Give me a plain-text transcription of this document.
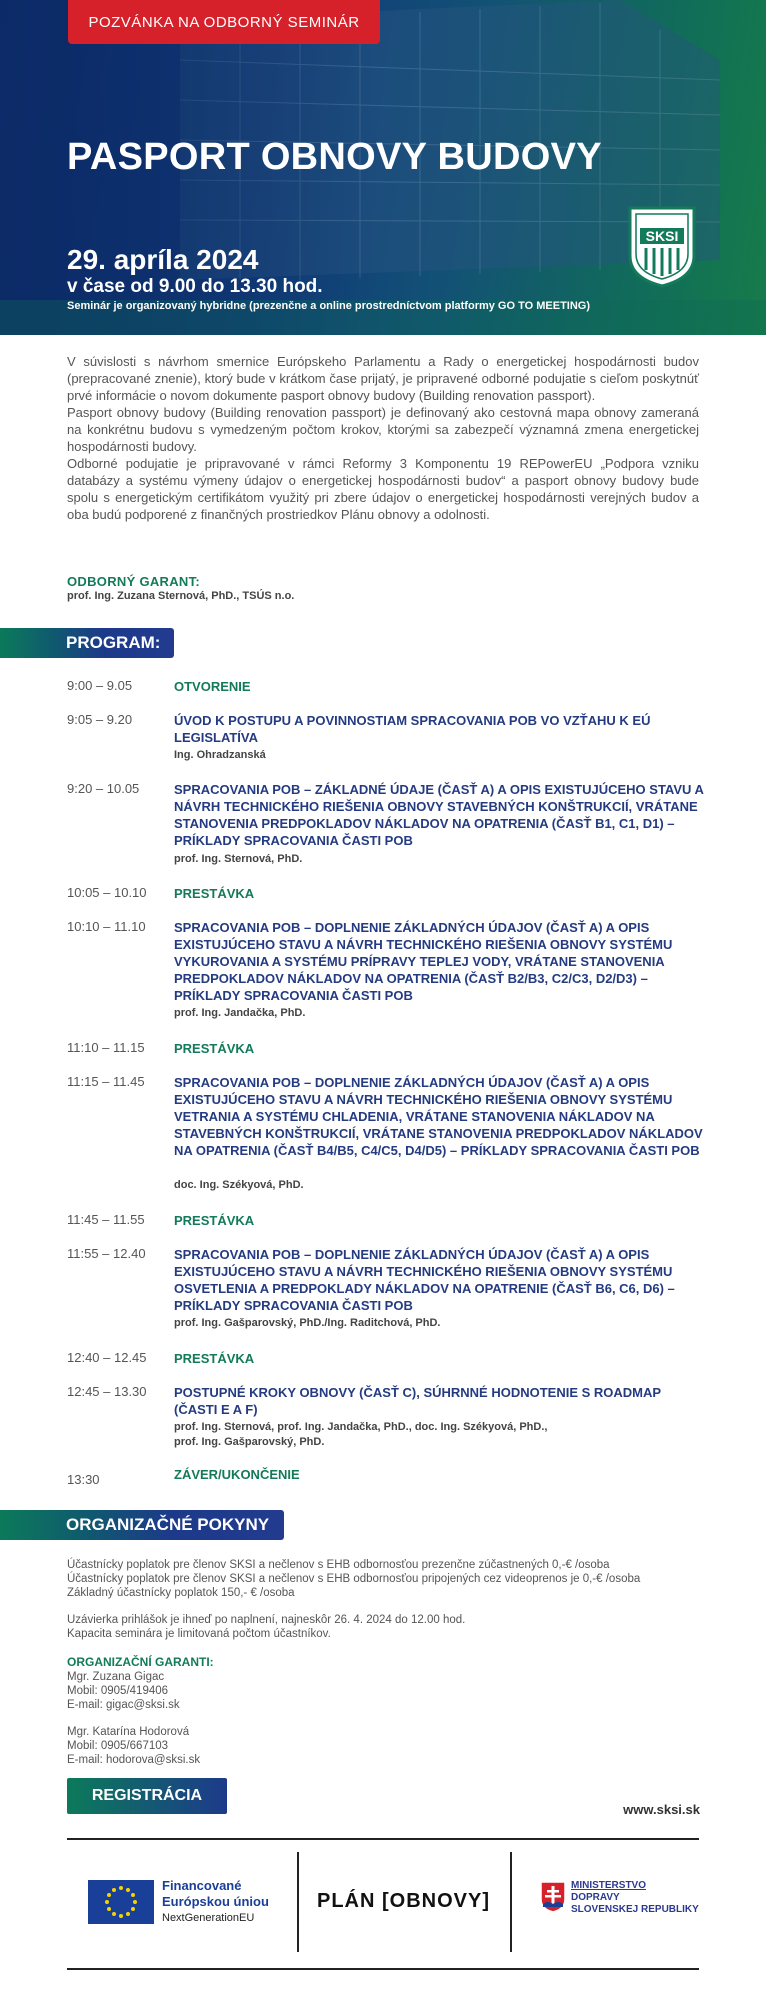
POZVÁNKA NA ODBORNÝ SEMINÁR
PASPORT OBNOVY BUDOVY
29. apríla 2024
v čase od 9.00 do 13.30 hod.
Seminár je organizovaný hybridne (prezenčne a online prostredníctvom platformy GO TO MEETING)
SKSI

V súvislosti s návrhom smernice Európskeho Parlamentu a Rady o energetickej hospodárnosti budov (prepracované znenie), ktorý bude v krátkom čase prijatý, je pripravené odborné podujatie s cieľom poskytnúť prvé informácie o novom dokumente pasport obnovy budovy (Building renovation passport).

Pasport obnovy budovy (Building renovation passport) je definovaný ako cestovná mapa obnovy zameraná na konkrétnu budovu s vymedzeným počtom krokov, ktorými sa zabezpečí významná zmena energetickej hospodárnosti budovy.

Odborné podujatie je pripravované v rámci Reformy 3 Komponentu 19 REPowerEU „Podpora vzniku databázy a systému výmeny údajov o energetickej hospodárnosti budov“ a pasport obnovy budovy bude spolu s energetickým certifikátom využitý pri zbere údajov o energetickej hospodárnosti verejných budov a oba budú podporené z finančných prostriedkov Plánu obnovy a odolnosti.

ODBORNÝ GARANT:
prof. Ing. Zuzana Sternová, PhD., TSÚS n.o.
PROGRAM:
9:00 – 9.05	OTVORENIE
9:05 – 9.20	ÚVOD K POSTUPU A POVINNOSTIAM SPRACOVANIA POB VO VZŤAHU K EÚ LEGISLATÍVA
Ing. Ohradzanská
9:20 – 10.05	SPRACOVANIA POB – ZÁKLADNÉ ÚDAJE (ČASŤ A) A OPIS EXISTUJÚCEHO STAVU A NÁVRH TECHNICKÉHO RIEŠENIA OBNOVY STAVEBNÝCH KONŠTRUKCIÍ, VRÁTANE STANOVENIA PREDPOKLADOV NÁKLADOV NA OPATRENIA (ČASŤ B1, C1, D1) – PRÍKLADY SPRACOVANIA ČASTI POB
prof. Ing. Sternová, PhD.
10:05 – 10.10 PRESTÁVKA
10:10 – 11.10 SPRACOVANIA POB – DOPLNENIE ZÁKLADNÝCH ÚDAJOV (ČASŤ A) A OPIS EXISTUJÚCEHO STAVU A NÁVRH TECHNICKÉHO RIEŠENIA OBNOVY SYSTÉMU VYKUROVANIA A SYSTÉMU PRÍPRAVY TEPLEJ VODY, VRÁTANE STANOVENIA PREDPOKLADOV NÁKLADOV NA OPATRENIA (ČASŤ B2/B3, C2/C3, D2/D3) – PRÍKLADY SPRACOVANIA ČASTI POB
prof. Ing. Jandačka, PhD.
11:10 – 11.15 PRESTÁVKA
11:15 – 11.45 SPRACOVANIA POB – DOPLNENIE ZÁKLADNÝCH ÚDAJOV (ČASŤ A) A OPIS EXISTUJÚCEHO STAVU A NÁVRH TECHNICKÉHO RIEŠENIA OBNOVY SYSTÉMU VETRANIA A SYSTÉMU CHLADENIA, VRÁTANE STANOVENIA NÁKLADOV NA STAVEBNÝCH KONŠTRUKCIÍ, VRÁTANE STANOVENIA PREDPOKLADOV NÁKLADOV NA OPATRENIA (ČASŤ B4/B5, C4/C5, D4/D5) – PRÍKLADY SPRACOVANIA ČASTI POB
doc. Ing. Székyová, PhD.
11:45 – 11.55 PRESTÁVKA
11:55 – 12.40 SPRACOVANIA POB – DOPLNENIE ZÁKLADNÝCH ÚDAJOV (ČASŤ A) A OPIS EXISTUJÚCEHO STAVU A NÁVRH TECHNICKÉHO RIEŠENIA OBNOVY SYSTÉMU OSVETLENIA A PREDPOKLADY NÁKLADOV NA OPATRENIE (ČASŤ B6, C6, D6) – PRÍKLADY SPRACOVANIA ČASTI POB
prof. Ing. Gašparovský, PhD./Ing. Raditchová, PhD.
12:40 – 12.45 PRESTÁVKA
12:45 – 13.30 POSTUPNÉ KROKY OBNOVY (ČASŤ C), SÚHRNNÉ HODNOTENIE S ROADMAP (ČASTI E A F)
prof. Ing. Sternová, prof. Ing. Jandačka, PhD., doc. Ing. Székyová, PhD., prof. Ing. Gašparovský, PhD.
13:30	ZÁVER/UKONČENIE
ORGANIZAČNÉ POKYNY
Účastnícky poplatok pre členov SKSI a nečlenov s EHB odbornosťou prezenčne zúčastnených 0,-€ /osoba
Účastnícky poplatok pre členov SKSI a nečlenov s EHB odbornosťou pripojených cez videoprenos je 0,-€ /osoba
Základný účastnícky poplatok 150,- € /osoba
Uzávierka prihlášok je ihneď po naplnení, najneskôr 26. 4. 2024 do 12.00 hod.
Kapacita seminára je limitovaná počtom účastníkov.
ORGANIZAČNÍ GARANTI:
Mgr. Zuzana Gigac
Mobil: 0905/419406
E-mail: gigac@sksi.sk
Mgr. Katarína Hodorová
Mobil: 0905/667103
E-mail: hodorova@sksi.sk
REGISTRÁCIA
www.sksi.sk
Financované
Európskou úniou
NextGenerationEU
PLÁN [OBNOVY]
MINISTERSTVO
DOPRAVY
SLOVENSKEJ REPUBLIKY
